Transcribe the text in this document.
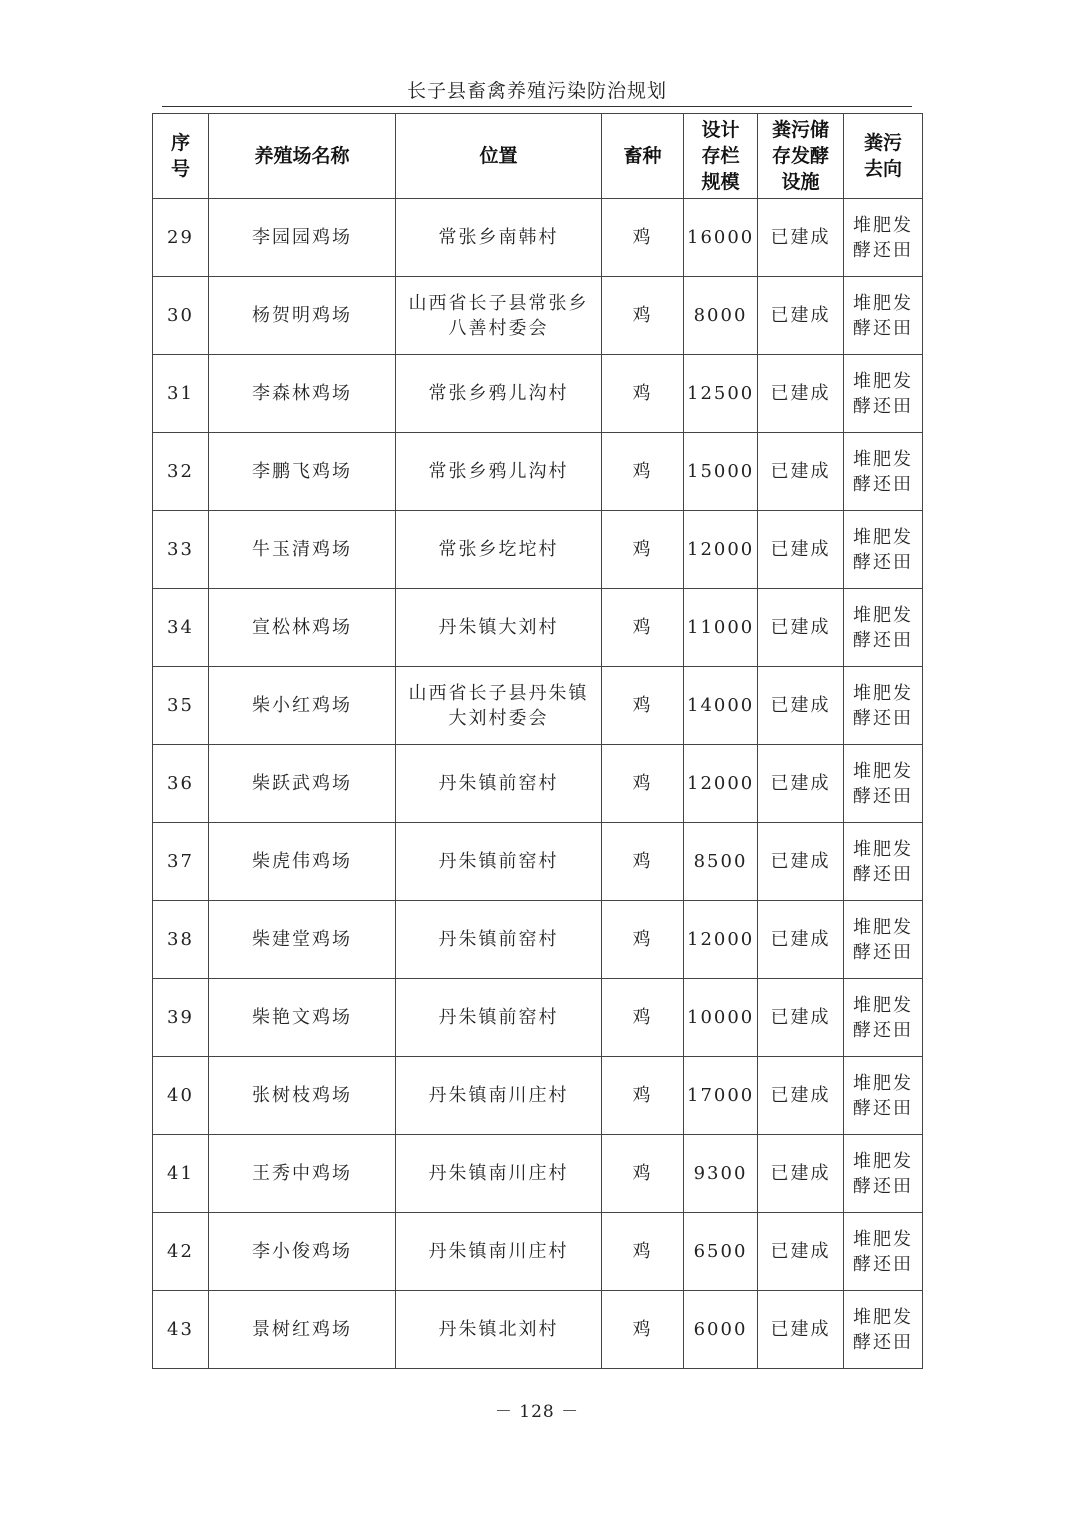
长子县畜禽养殖污染防治规划
序号	养殖场名称	位置	畜种	设计存栏规模	粪污储存发酵设施	粪污去向
29	李园园鸡场	常张乡南韩村	鸡	16000	已建成	堆肥发酵还田
30	杨贺明鸡场	山西省长子县常张乡八善村委会	鸡	8000	已建成	堆肥发酵还田
31	李森林鸡场	常张乡鸦儿沟村	鸡	12500	已建成	堆肥发酵还田
32	李鹏飞鸡场	常张乡鸦儿沟村	鸡	15000	已建成	堆肥发酵还田
33	牛玉清鸡场	常张乡圪坨村	鸡	12000	已建成	堆肥发酵还田
34	宣松林鸡场	丹朱镇大刘村	鸡	11000	已建成	堆肥发酵还田
35	柴小红鸡场	山西省长子县丹朱镇大刘村委会	鸡	14000	已建成	堆肥发酵还田
36	柴跃武鸡场	丹朱镇前窑村	鸡	12000	已建成	堆肥发酵还田
37	柴虎伟鸡场	丹朱镇前窑村	鸡	8500	已建成	堆肥发酵还田
38	柴建堂鸡场	丹朱镇前窑村	鸡	12000	已建成	堆肥发酵还田
39	柴艳文鸡场	丹朱镇前窑村	鸡	10000	已建成	堆肥发酵还田
40	张树枝鸡场	丹朱镇南川庄村	鸡	17000	已建成	堆肥发酵还田
41	王秀中鸡场	丹朱镇南川庄村	鸡	9300	已建成	堆肥发酵还田
42	李小俊鸡场	丹朱镇南川庄村	鸡	6500	已建成	堆肥发酵还田
43	景树红鸡场	丹朱镇北刘村	鸡	6000	已建成	堆肥发酵还田
－ 128 －
